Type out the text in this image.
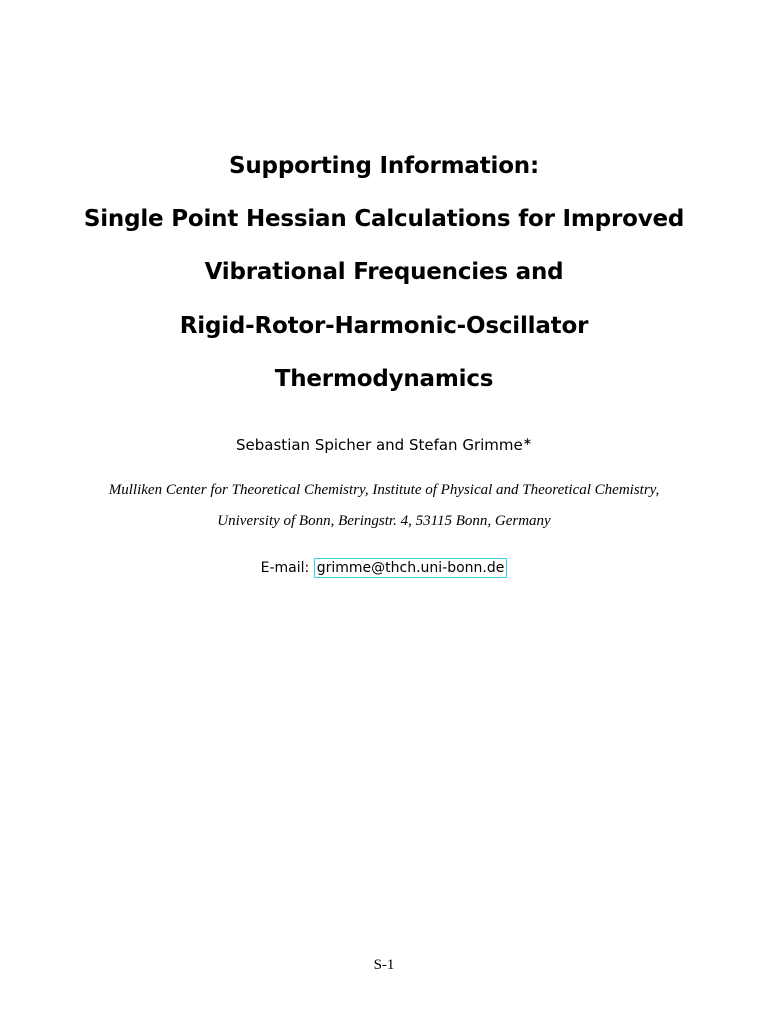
Supporting Information:
Single Point Hessian Calculations for Improved
Vibrational Frequencies and
Rigid-Rotor-Harmonic-Oscillator
Thermodynamics
Sebastian Spicher and Stefan Grimme∗
Mulliken Center for Theoretical Chemistry, Institute of Physical and Theoretical Chemistry,
University of Bonn, Beringstr. 4, 53115 Bonn, Germany
E-mail: grimme@thch.uni-bonn.de
S-1
